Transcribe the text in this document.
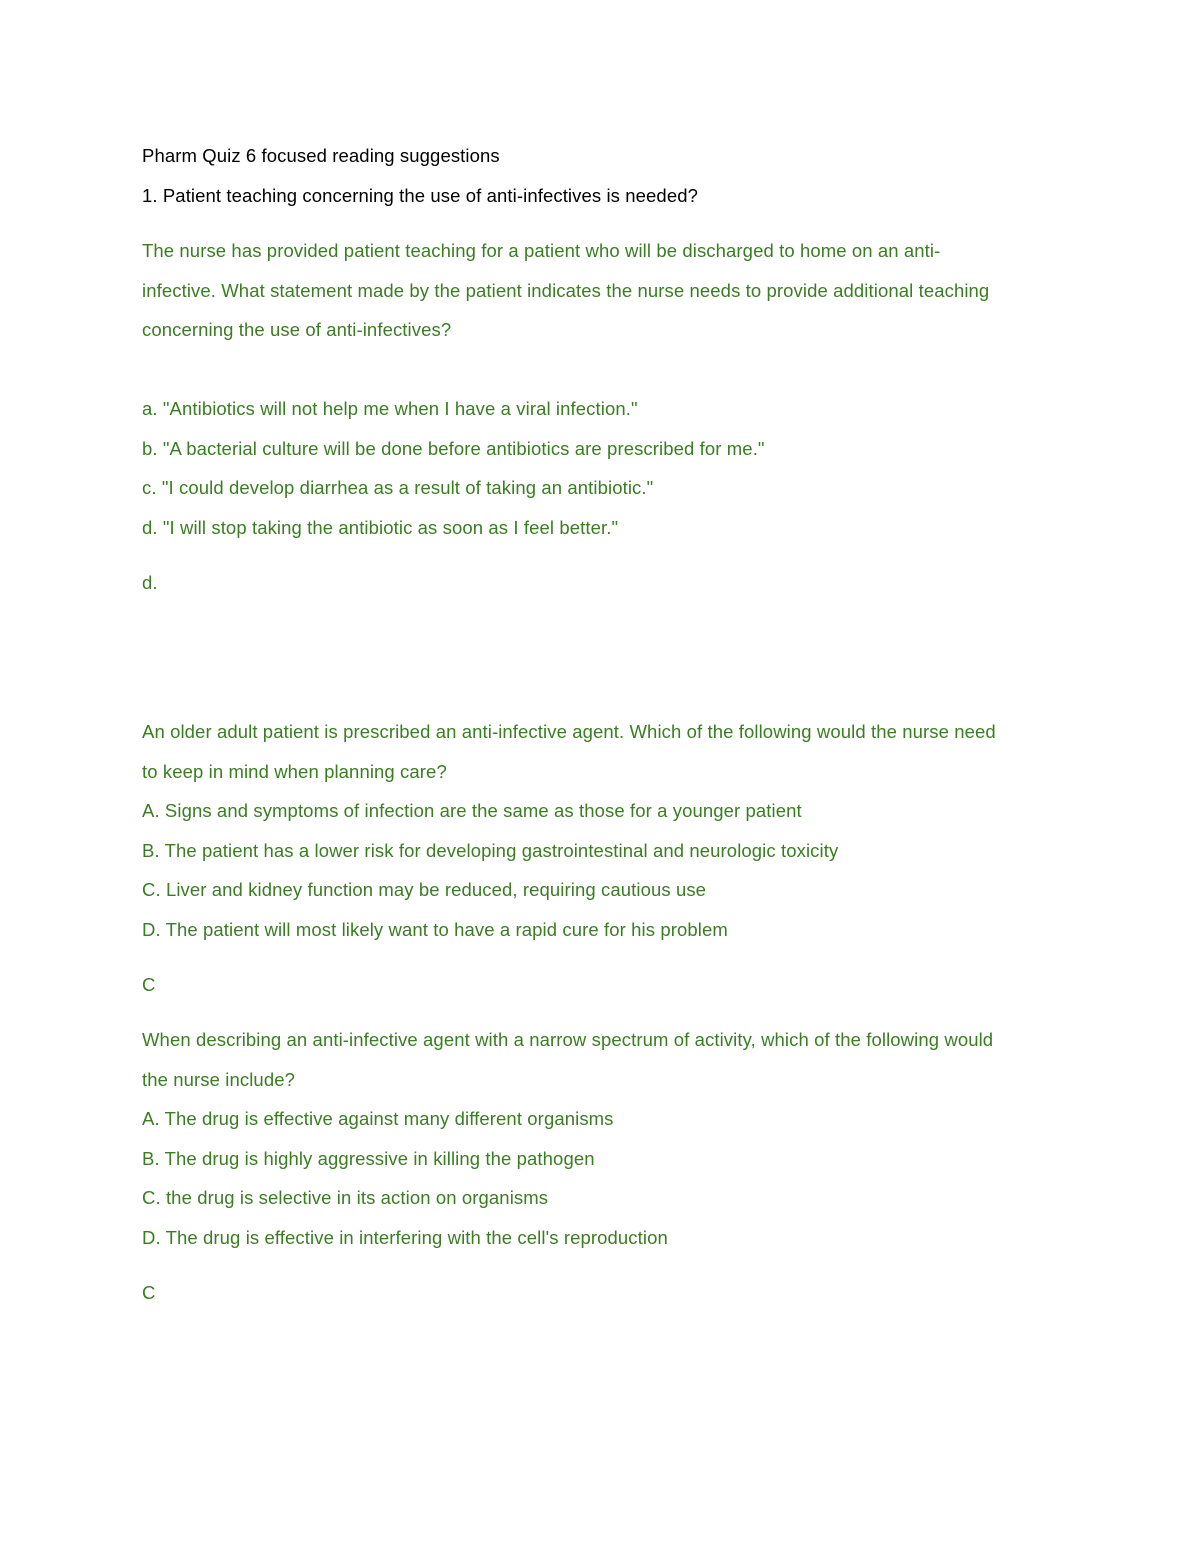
Pharm Quiz 6 focused reading suggestions
1. Patient teaching concerning the use of anti-infectives is needed?
The nurse has provided patient teaching for a patient who will be discharged to home on an anti-
infective. What statement made by the patient indicates the nurse needs to provide additional teaching
concerning the use of anti-infectives?
a. "Antibiotics will not help me when I have a viral infection."
b. "A bacterial culture will be done before antibiotics are prescribed for me."
c. "I could develop diarrhea as a result of taking an antibiotic."
d. "I will stop taking the antibiotic as soon as I feel better."
d.
An older adult patient is prescribed an anti-infective agent. Which of the following would the nurse need
to keep in mind when planning care?
A. Signs and symptoms of infection are the same as those for a younger patient
B. The patient has a lower risk for developing gastrointestinal and neurologic toxicity
C. Liver and kidney function may be reduced, requiring cautious use
D. The patient will most likely want to have a rapid cure for his problem
C
When describing an anti-infective agent with a narrow spectrum of activity, which of the following would
the nurse include?
A. The drug is effective against many different organisms
B. The drug is highly aggressive in killing the pathogen
C. the drug is selective in its action on organisms
D. The drug is effective in interfering with the cell's reproduction
C
